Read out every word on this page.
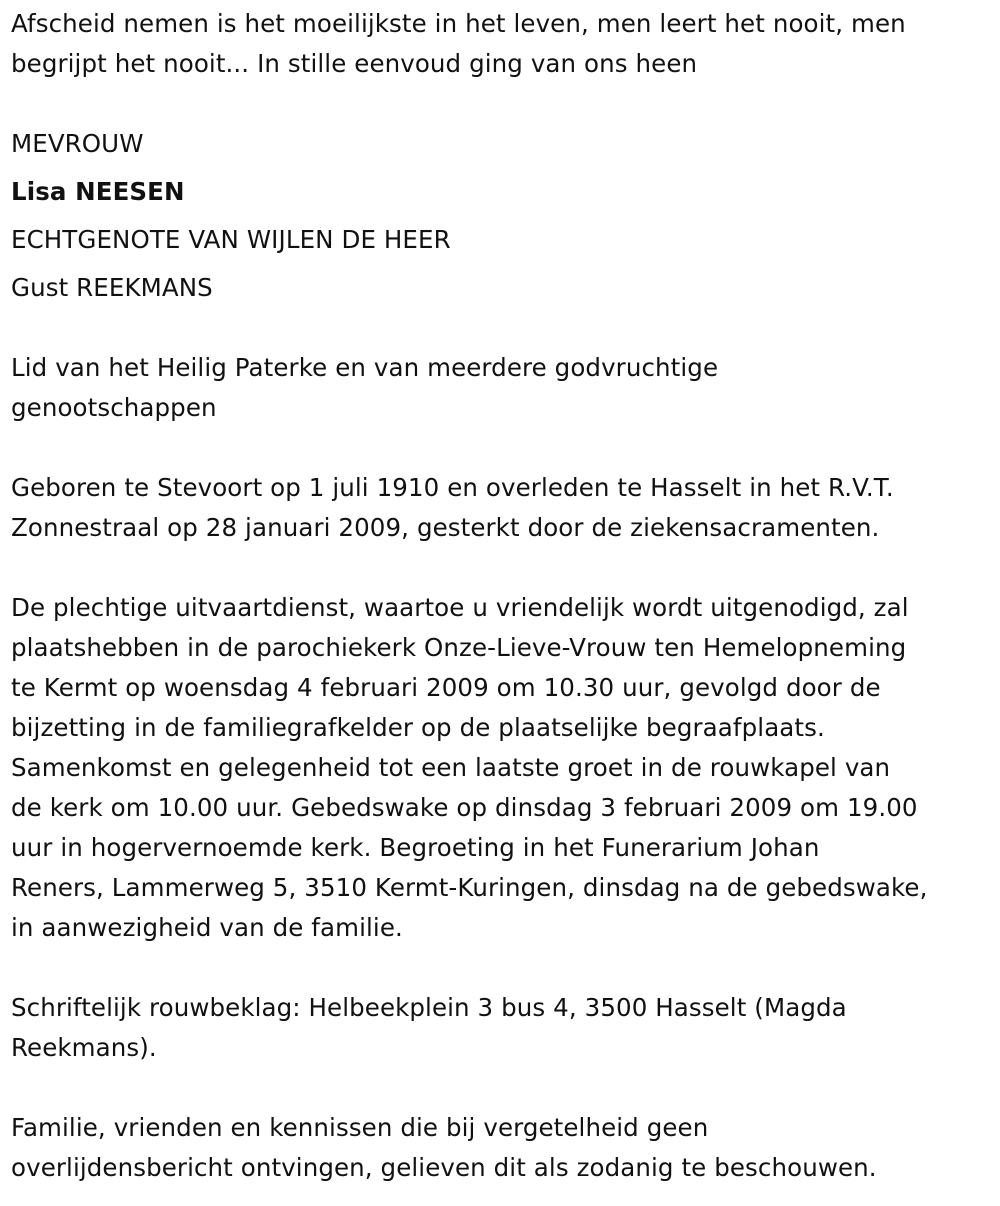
Afscheid nemen is het moeilijkste in het leven, men leert het nooit, men
begrijpt het nooit... In stille eenvoud ging van ons heen
MEVROUW
Lisa NEESEN
ECHTGENOTE VAN WIJLEN DE HEER
Gust REEKMANS
Lid van het Heilig Paterke en van meerdere godvruchtige
genootschappen
Geboren te Stevoort op 1 juli 1910 en overleden te Hasselt in het R.V.T.
Zonnestraal op 28 januari 2009, gesterkt door de ziekensacramenten.
De plechtige uitvaartdienst, waartoe u vriendelijk wordt uitgenodigd, zal
plaatshebben in de parochiekerk Onze-Lieve-Vrouw ten Hemelopneming
te Kermt op woensdag 4 februari 2009 om 10.30 uur, gevolgd door de
bijzetting in de familiegrafkelder op de plaatselijke begraafplaats.
Samenkomst en gelegenheid tot een laatste groet in de rouwkapel van
de kerk om 10.00 uur. Gebedswake op dinsdag 3 februari 2009 om 19.00
uur in hogervernoemde kerk. Begroeting in het Funerarium Johan
Reners, Lammerweg 5, 3510 Kermt-Kuringen, dinsdag na de gebedswake,
in aanwezigheid van de familie.
Schriftelijk rouwbeklag: Helbeekplein 3 bus 4, 3500 Hasselt (Magda
Reekmans).
Familie, vrienden en kennissen die bij vergetelheid geen
overlijdensbericht ontvingen, gelieven dit als zodanig te beschouwen.
